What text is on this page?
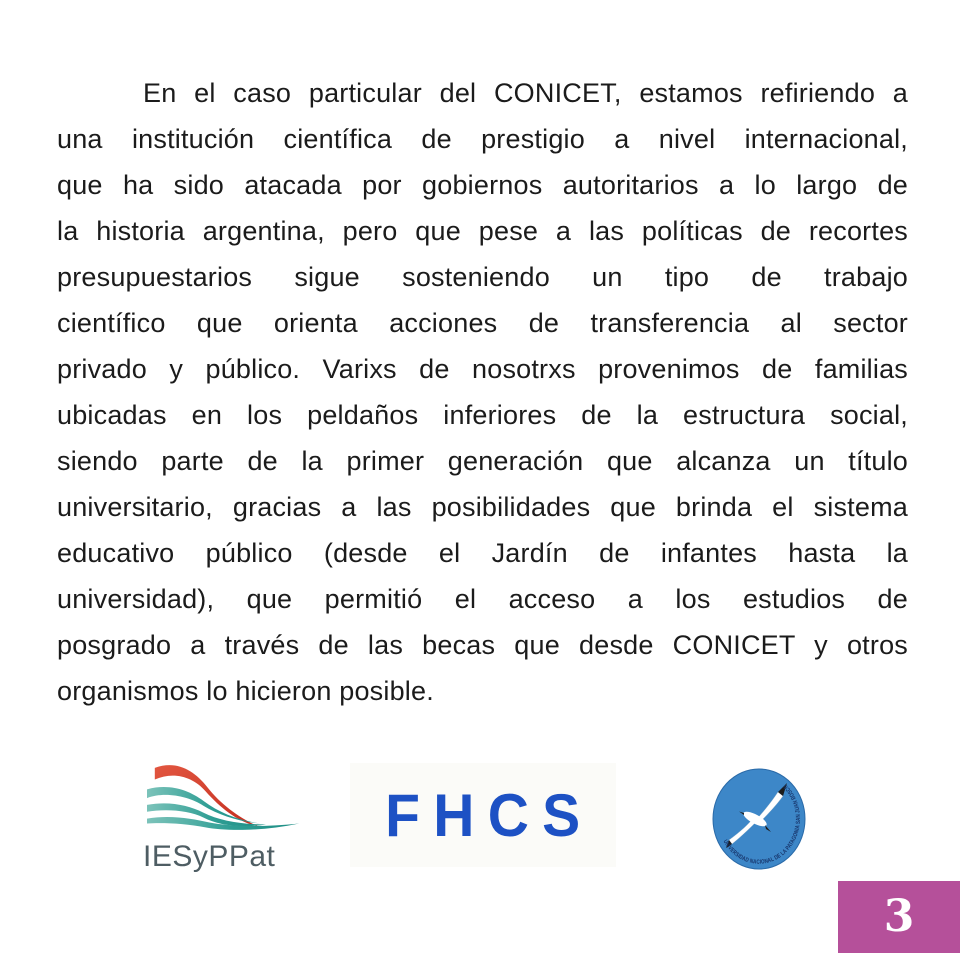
En el caso particular del CONICET, estamos refiriendo a
una institución científica de prestigio a nivel internacional,
que ha sido atacada por gobiernos autoritarios a lo largo de
la historia argentina, pero que pese a las políticas de recortes
presupuestarios sigue sosteniendo un tipo de trabajo
científico que orienta acciones de transferencia al sector
privado y público. Varixs de nosotrxs provenimos de familias
ubicadas en los peldaños inferiores de la estructura social,
siendo parte de la primer generación que alcanza un título
universitario, gracias a las posibilidades que brinda el sistema
educativo público (desde el Jardín de infantes hasta la
universidad), que permitió el acceso a los estudios de
posgrado a través de las becas que desde CONICET y otros
organismos lo hicieron posible.
IESyPPat
FHCS	UNIVERSIDAD NACIONAL DE LA PATAGONIA SAN JUAN BOSCO
3
